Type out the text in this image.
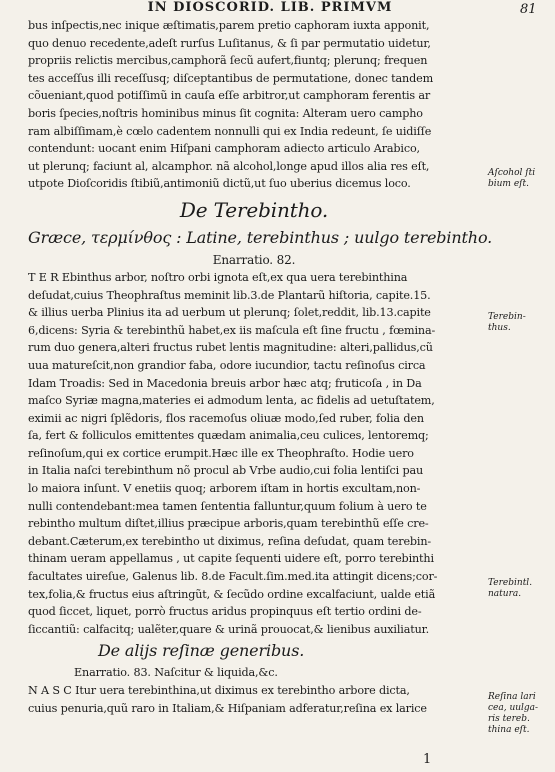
IN DIOSCORID. LIB. PRIMVM	81
bus inſpectis,nec inique æſtimatis,parem pretio caphoram iuxta apponit,
quo denuo recedente,adeſt rurſus Luſitanus, & ſi par permutatio uidetur,
propriis relictis mercibus,camphorã ſecũ aufert,fiuntq; plerunq; frequen
tes acceſſus illi receſſusq; diſceptantibus de permutatione, donec tandem
cõueniant,quod potiſſimũ in cauſa eſſe arbitror,ut camphoram ferentis ar
boris ſpecies,noſtris hominibus minus ſit cognita: Alteram uero campho
ram albiſſimam,è cœlo cadentem nonnulli qui ex India redeunt, ſe uidiſſe
contendunt: uocant enim Hiſpani camphoram adiecto articulo Arabico,
ut plerunq; faciunt al, alcamphor. nã alcohol,longe apud illos alia res eſt,
utpote Dioſcoridis ſtibiũ,antimoniũ dictũ,ut ſuo uberius dicemus loco.
De Terebintho.
Græce, τερμίνθος : Latine, terebinthus ; uulgo terebintho.
Enarratio. 82.
T E R Ebinthus arbor, noſtro orbi ignota eſt,ex qua uera terebinthina
deſudat,cuius Theophraſtus meminit lib.3.de Plantarũ hiſtoria, capite.15.
& illius uerba Plinius ita ad uerbum ut plerunq; ſolet,reddit, lib.13.capite
6,dicens: Syria & terebinthũ habet,ex iis maſcula eſt ſine fructu , fœmina-
rum duo genera,alteri fructus rubet lentis magnitudine: alteri,pallidus,cũ
uua matureſcit,non grandior faba, odore iucundior, tactu reſinoſus circa
Idam Troadis: Sed in Macedonia breuis arbor hæc atq; fruticoſa , in Da
maſco Syriæ magna,materies ei admodum lenta, ac fidelis ad uetuſtatem,
eximii ac nigri ſplẽdoris, flos racemoſus oliuæ modo,ſed ruber, folia den
ſa, fert & folliculos emittentes quædam animalia,ceu culices, lentoremq;
reſinoſum,qui ex cortice erumpit.Hæc ille ex Theophraſto. Hodie uero
in Italia naſci terebinthum nõ procul ab Vrbe audio,cui folia lentiſci pau
lo maiora inſunt. V enetiis quoq; arborem iſtam in hortis excultam,non-
nulli contendebant:mea tamen ſententia falluntur,quum folium à uero te
rebintho multum diſtet,illius præcipue arboris,quam terebinthũ eſſe cre-
debant.Cæterum,ex terebintho ut diximus, reſina deſudat, quam terebin-
thinam ueram appellamus , ut capite ſequenti uidere eſt, porro terebinthi
facultates uireſue, Galenus lib. 8.de Facult.ſim.med.ita attingit dicens;cor-
tex,folia,& fructus eius aſtringũt, & ſecũdo ordine excalfaciunt, ualde etiã
quod ſiccet, liquet, porrò fructus aridus propinquus eſt tertio ordini de-
ſiccantiũ: calfacitq; ualẽter,quare & urinã prouocat,& lienibus auxiliatur.
De alijs reſinæ generibus.
Enarratio. 83. Naſcitur & liquida,&c.
N A S C Itur uera terebinthina,ut diximus ex terebintho arbore dicta,
cuius penuria,quũ raro in Italiam,& Hiſpaniam adferatur,reſina ex larice
Aſcohol ſti
bium eſt.
Terebin-
thus.
Terebintl.
natura.
Reſina lari
cea, uulga-
ris tereb.
thina eſt.
1
